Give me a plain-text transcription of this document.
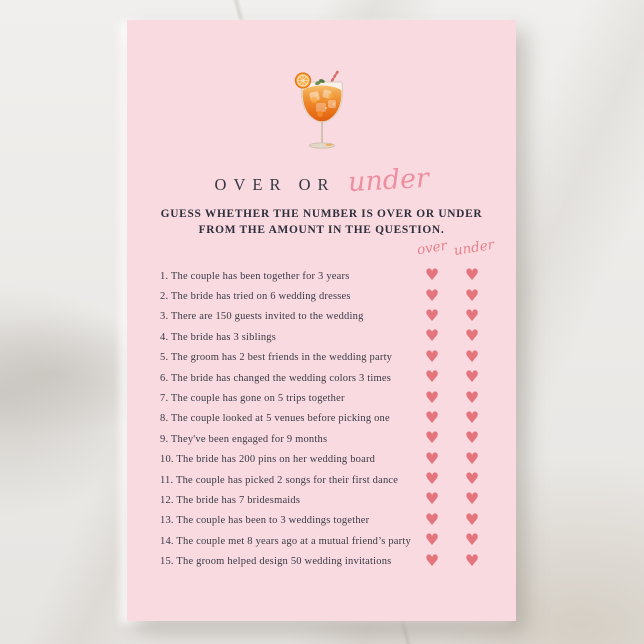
OVER OR under
GUESS WHETHER THE NUMBER IS OVER OR UNDER
FROM THE AMOUNT IN THE QUESTION.
over under
1. The couple has been together for 3 years	♥	♥
2. The bride has tried on 6 wedding dresses	♥	♥
3. There are 150 guests invited to the wedding	♥	♥
4. The bride has 3 siblings	♥	♥
5. The groom has 2 best friends in the wedding party	♥	♥
6. The bride has changed the wedding colors 3 times	♥	♥
7. The couple has gone on 5 trips together	♥	♥
8. The couple looked at 5 venues before picking one	♥	♥
9. They've been engaged for 9 months	♥	♥
10. The bride has 200 pins on her wedding board	♥	♥
11. The couple has picked 2 songs for their first dance	♥	♥
12. The bride has 7 bridesmaids	♥	♥
13. The couple has been to 3 weddings together	♥	♥
14. The couple met 8 years ago at a mutual friend’s party ♥	♥
15. The groom helped design 50 wedding invitations	♥	♥
